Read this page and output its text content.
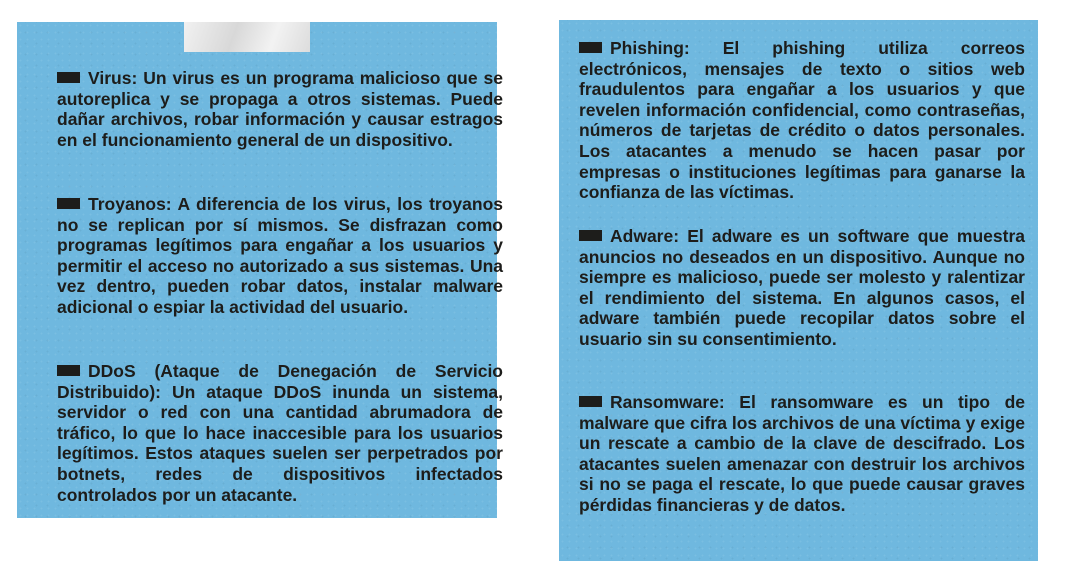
Virus: Un virus es un programa malicioso que se autoreplica y se propaga a otros sistemas. Puede dañar archivos, robar información y causar estragos en el funcionamiento general de un dispositivo.
Troyanos: A diferencia de los virus, los troyanos no se replican por sí mismos. Se disfrazan como programas legítimos para engañar a los usuarios y permitir el acceso no autorizado a sus sistemas. Una vez dentro, pueden robar datos, instalar malware adicional o espiar la actividad del usuario.
DDoS (Ataque de Denegación de Servicio Distribuido): Un ataque DDoS inunda un sistema, servidor o red con una cantidad abrumadora de tráfico, lo que lo hace inaccesible para los usuarios legítimos. Estos ataques suelen ser perpetrados por botnets, redes de dispositivos infectados controlados por un atacante.
Phishing: El phishing utiliza correos electrónicos, mensajes de texto o sitios web fraudulentos para engañar a los usuarios y que revelen información confidencial, como contraseñas, números de tarjetas de crédito o datos personales. Los atacantes a menudo se hacen pasar por empresas o instituciones legítimas para ganarse la confianza de las víctimas.
Adware: El adware es un software que muestra anuncios no deseados en un dispositivo. Aunque no siempre es malicioso, puede ser molesto y ralentizar el rendimiento del sistema. En algunos casos, el adware también puede recopilar datos sobre el usuario sin su consentimiento.
Ransomware: El ransomware es un tipo de malware que cifra los archivos de una víctima y exige un rescate a cambio de la clave de descifrado. Los atacantes suelen amenazar con destruir los archivos si no se paga el rescate, lo que puede causar graves pérdidas financieras y de datos.
